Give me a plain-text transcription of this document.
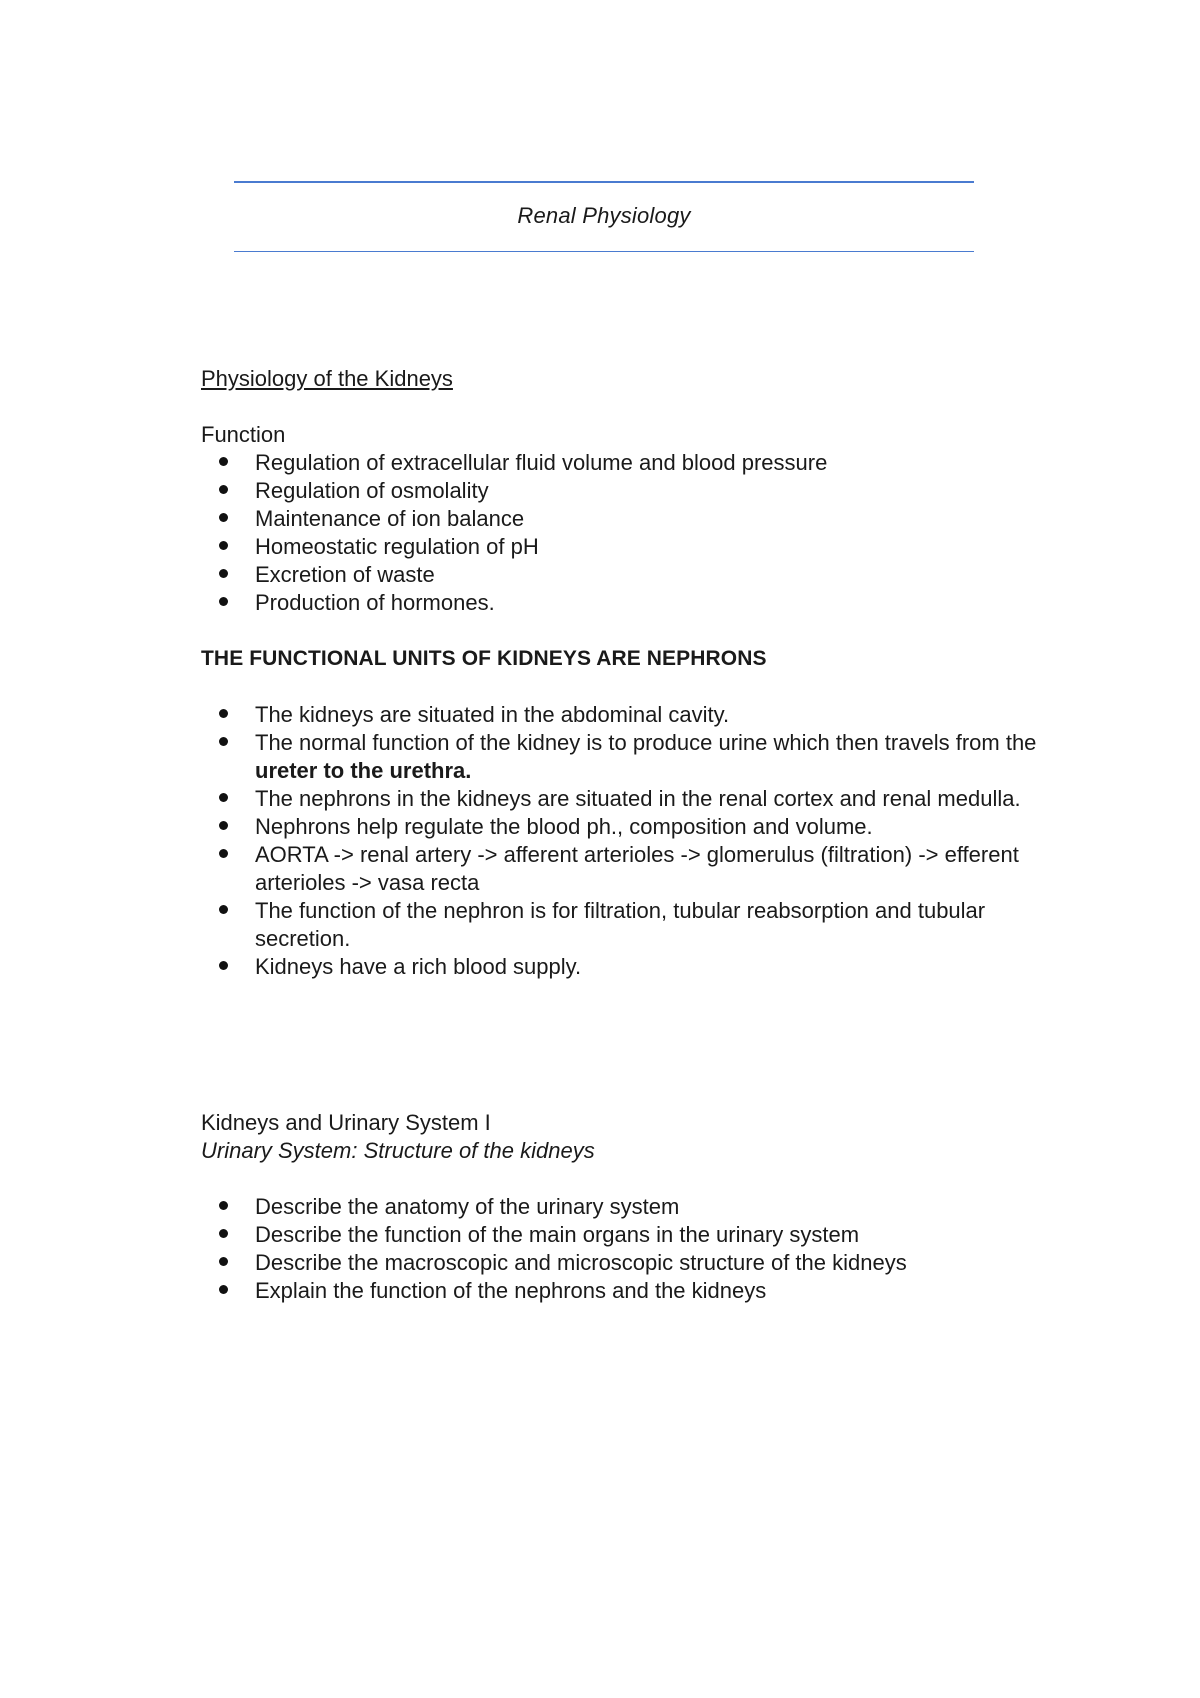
Renal Physiology

Physiology of the Kidneys

Function

Regulation of extracellular fluid volume and blood pressure
Regulation of osmolality
Maintenance of ion balance
Homeostatic regulation of pH
Excretion of waste
Production of hormones.

THE FUNCTIONAL UNITS OF KIDNEYS ARE NEPHRONS

The kidneys are situated in the abdominal cavity.
The normal function of the kidney is to produce urine which then travels from the ureter to the urethra.
The nephrons in the kidneys are situated in the renal cortex and renal medulla.
Nephrons help regulate the blood ph., composition and volume.
AORTA -> renal artery -> afferent arterioles -> glomerulus (filtration) -> efferent arterioles -> vasa recta
The function of the nephron is for filtration, tubular reabsorption and tubular secretion.
Kidneys have a rich blood supply.

Kidneys and Urinary System I

Urinary System: Structure of the kidneys

Describe the anatomy of the urinary system
Describe the function of the main organs in the urinary system
Describe the macroscopic and microscopic structure of the kidneys
Explain the function of the nephrons and the kidneys
